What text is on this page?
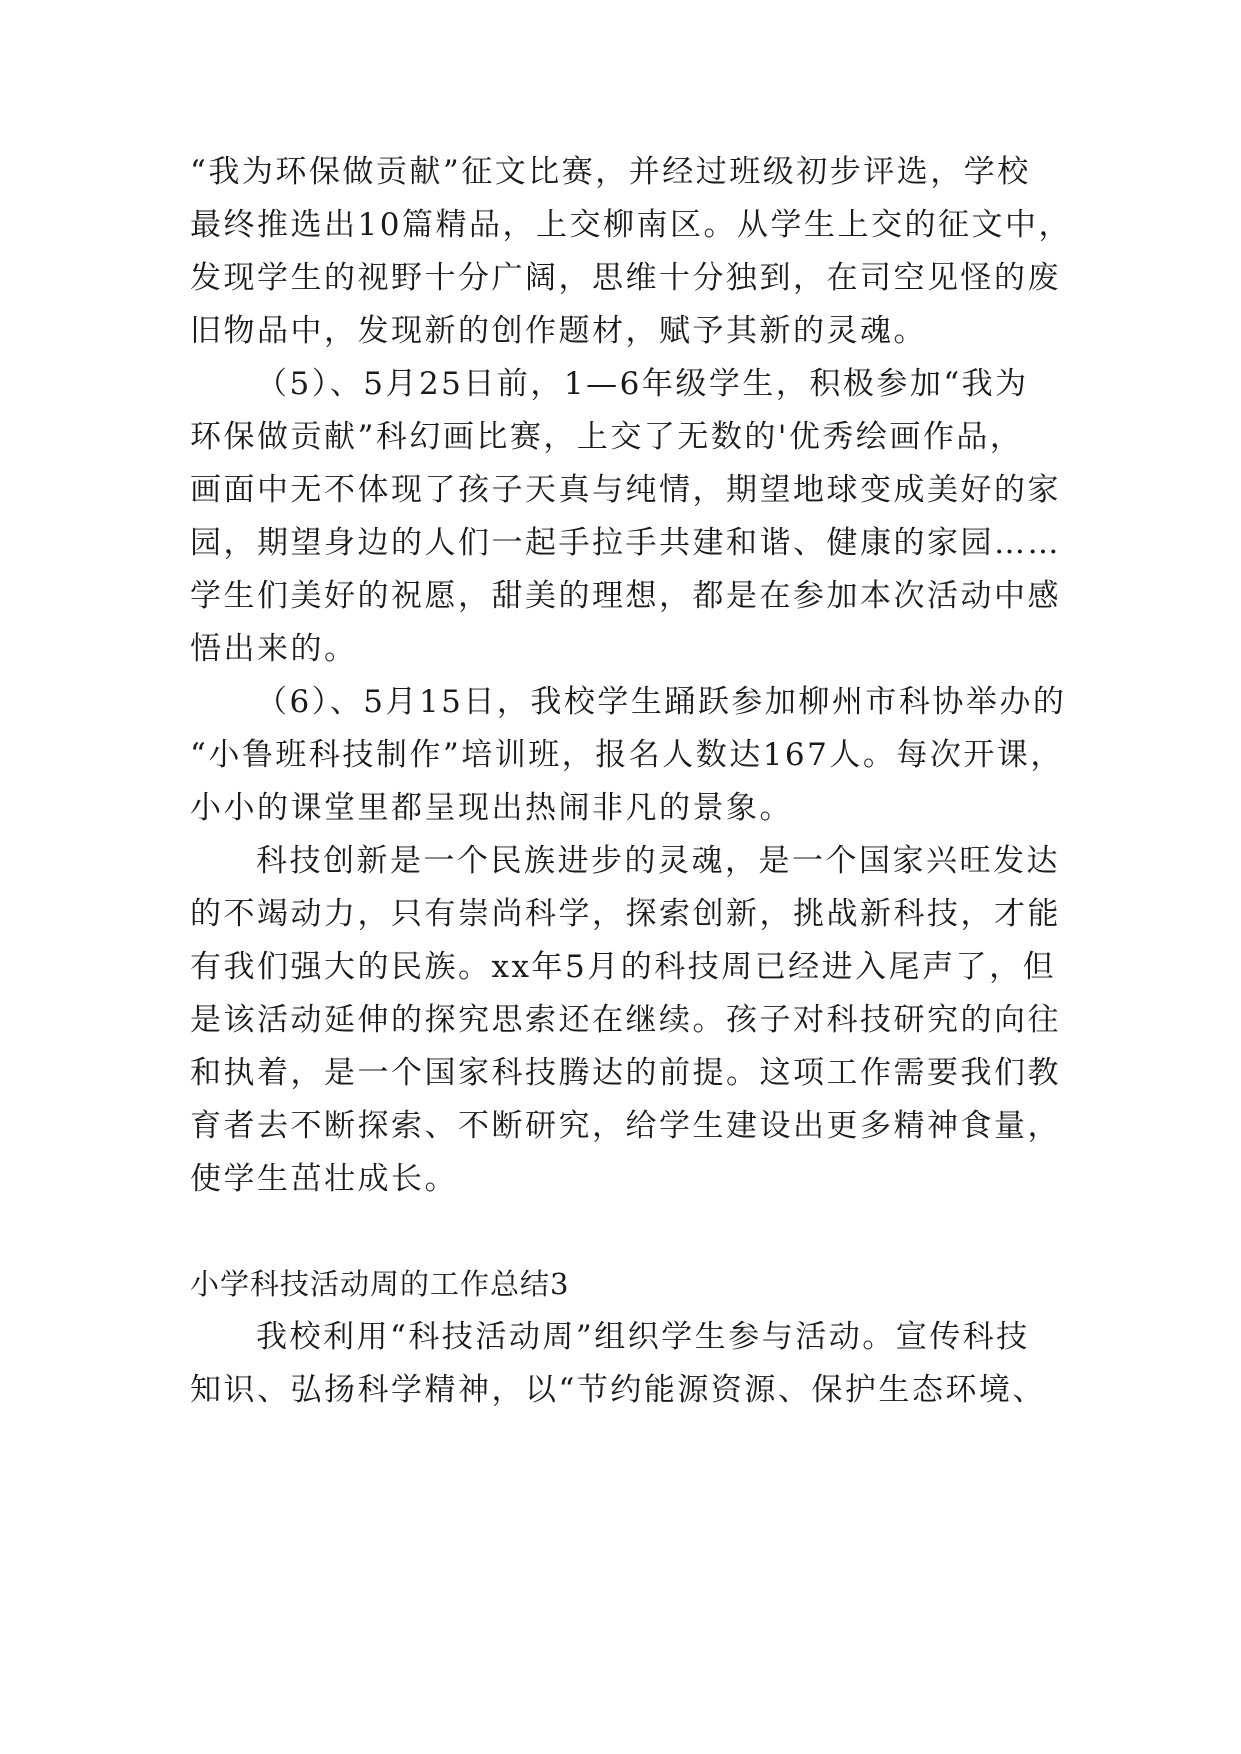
“我为环保做贡献”征文比赛，并经过班级初步评选，学校
最终推选出10篇精品，上交柳南区。从学生上交的征文中，
发现学生的视野十分广阔，思维十分独到，在司空见怪的废
旧物品中，发现新的创作题材，赋予其新的灵魂。
（5）、5月25日前，1—6年级学生，积极参加“我为
环保做贡献”科幻画比赛，上交了无数的'优秀绘画作品，
画面中无不体现了孩子天真与纯情，期望地球变成美好的家
园，期望身边的人们一起手拉手共建和谐、健康的家园……
学生们美好的祝愿，甜美的理想，都是在参加本次活动中感
悟出来的。
（6）、5月15日，我校学生踊跃参加柳州市科协举办的
“小鲁班科技制作”培训班，报名人数达167人。每次开课，
小小的课堂里都呈现出热闹非凡的景象。
科技创新是一个民族进步的灵魂，是一个国家兴旺发达
的不竭动力，只有崇尚科学，探索创新，挑战新科技，才能
有我们强大的民族。xx年5月的科技周已经进入尾声了，但
是该活动延伸的探究思索还在继续。孩子对科技研究的向往
和执着，是一个国家科技腾达的前提。这项工作需要我们教
育者去不断探索、不断研究，给学生建设出更多精神食量，
使学生茁壮成长。
小学科技活动周的工作总结3
我校利用“科技活动周”组织学生参与活动。宣传科技
知识、弘扬科学精神，以“节约能源资源、保护生态环境、
